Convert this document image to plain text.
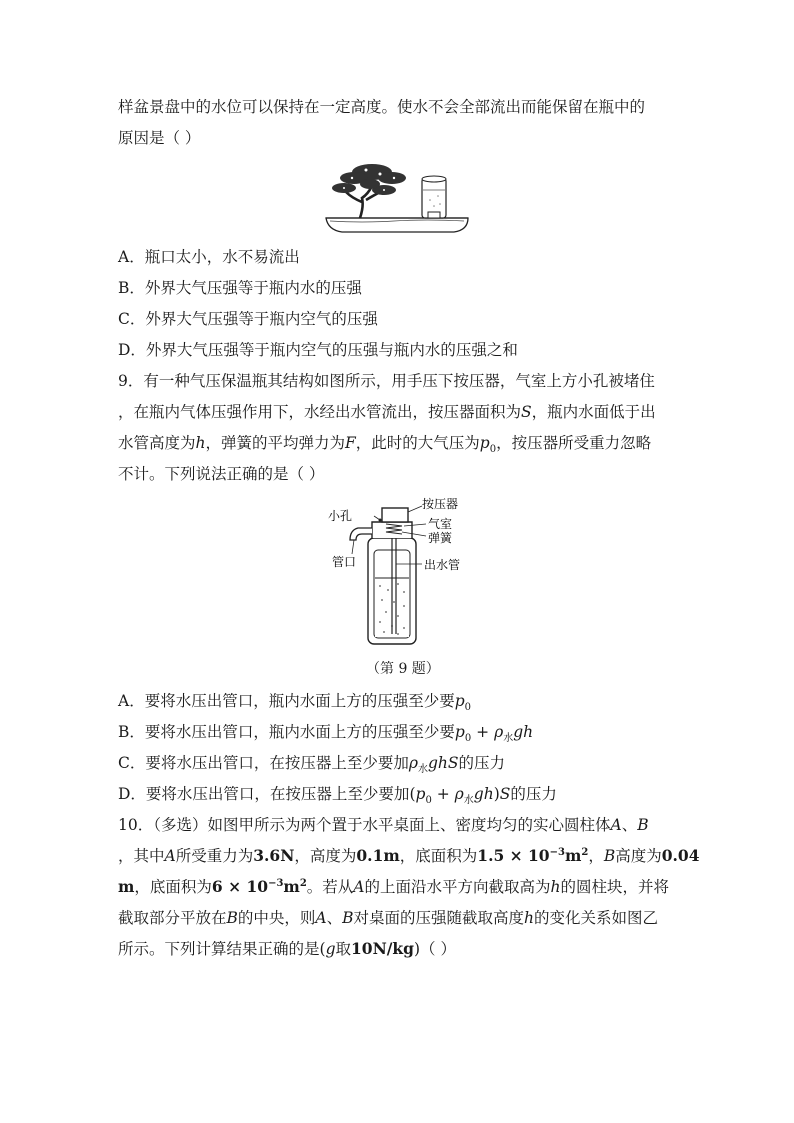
样盆景盘中的水位可以保持在一定高度。使水不会全部流出而能保留在瓶中的
原因是（ ）
A．瓶口太小，水不易流出
B．外界大气压强等于瓶内水的压强
C．外界大气压强等于瓶内空气的压强
D．外界大气压强等于瓶内空气的压强与瓶内水的压强之和
9．有一种气压保温瓶其结构如图所示，用手压下按压器，气室上方小孔被堵住
，在瓶内气体压强作用下，水经出水管流出，按压器面积为S，瓶内水面低于出
水管高度为h，弹簧的平均弹力为F，此时的大气压为$p_0$，按压器所受重力忽略
不计。下列说法正确的是（ ）
按压器
小孔
气室
弹簧
出水管
管口
（第 9 题）
A．要将水压出管口，瓶内水面上方的压强至少要$p_0$
B．要将水压出管口，瓶内水面上方的压强至少要$p_0 + \rho_水gh$
C．要将水压出管口，在按压器上至少要加$\rho_水ghS$的压力
D．要将水压出管口，在按压器上至少要加$(p_0 + \rho_水gh)S$的压力
10．（多选）如图甲所示为两个置于水平桌面上、密度均匀的实心圆柱体A、B
，其中A所受重力为3.6N，高度为0.1m，底面积为$1.5 \times 10^{-3}m^2$，B高度为0.04
m，底面积为$6 \times 10^{-3}m^2$。若从A的上面沿水平方向截取高为h的圆柱块，并将
截取部分平放在B的中央，则A、B对桌面的压强随截取高度h的变化关系如图乙
所示。下列计算结果正确的是(g取10N/kg)（ ）
